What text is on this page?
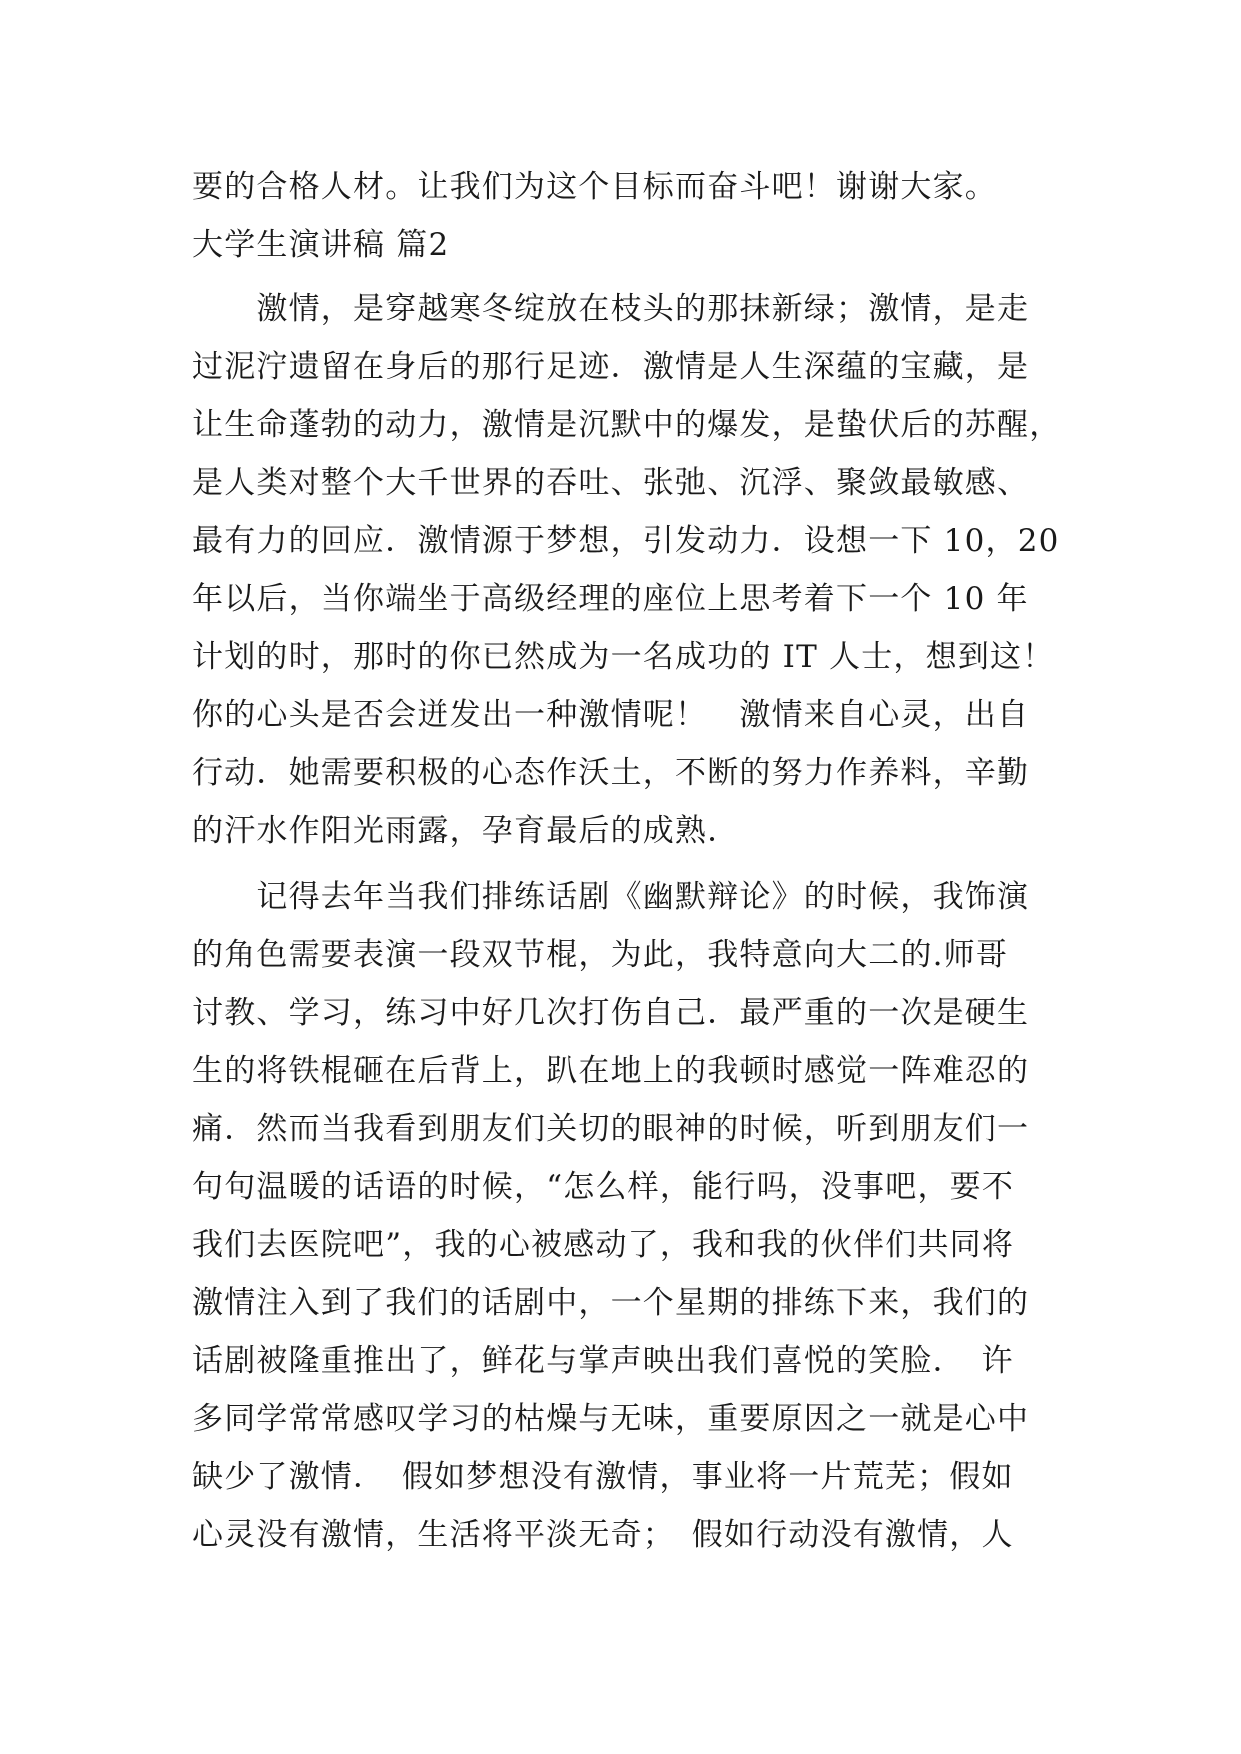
要的合格人材。让我们为这个目标而奋斗吧！谢谢大家。
大学生演讲稿 篇2
　　激情，是穿越寒冬绽放在枝头的那抹新绿；激情，是走
过泥泞遗留在身后的那行足迹．激情是人生深蕴的宝藏，是
让生命蓬勃的动力，激情是沉默中的爆发，是蛰伏后的苏醒，
是人类对整个大千世界的吞吐、张弛、沉浮、聚敛最敏感、
最有力的回应．激情源于梦想，引发动力．设想一下 10，20
年以后，当你端坐于高级经理的座位上思考着下一个 10 年
计划的时，那时的你已然成为一名成功的 IT 人士，想到这！
你的心头是否会迸发出一种激情呢！　激情来自心灵，出自
行动．她需要积极的心态作沃土，不断的努力作养料，辛勤
的汗水作阳光雨露，孕育最后的成熟．
　　记得去年当我们排练话剧《幽默辩论》的时候，我饰演
的角色需要表演一段双节棍，为此，我特意向大二的.师哥
讨教、学习，练习中好几次打伤自己．最严重的一次是硬生
生的将铁棍砸在后背上，趴在地上的我顿时感觉一阵难忍的
痛．然而当我看到朋友们关切的眼神的时候，听到朋友们一
句句温暖的话语的时候，“怎么样，能行吗，没事吧，要不
我们去医院吧”，我的心被感动了，我和我的伙伴们共同将
激情注入到了我们的话剧中，一个星期的排练下来，我们的
话剧被隆重推出了，鲜花与掌声映出我们喜悦的笑脸．　许
多同学常常感叹学习的枯燥与无味，重要原因之一就是心中
缺少了激情．　假如梦想没有激情，事业将一片荒芜；假如
心灵没有激情，生活将平淡无奇；　假如行动没有激情，人
